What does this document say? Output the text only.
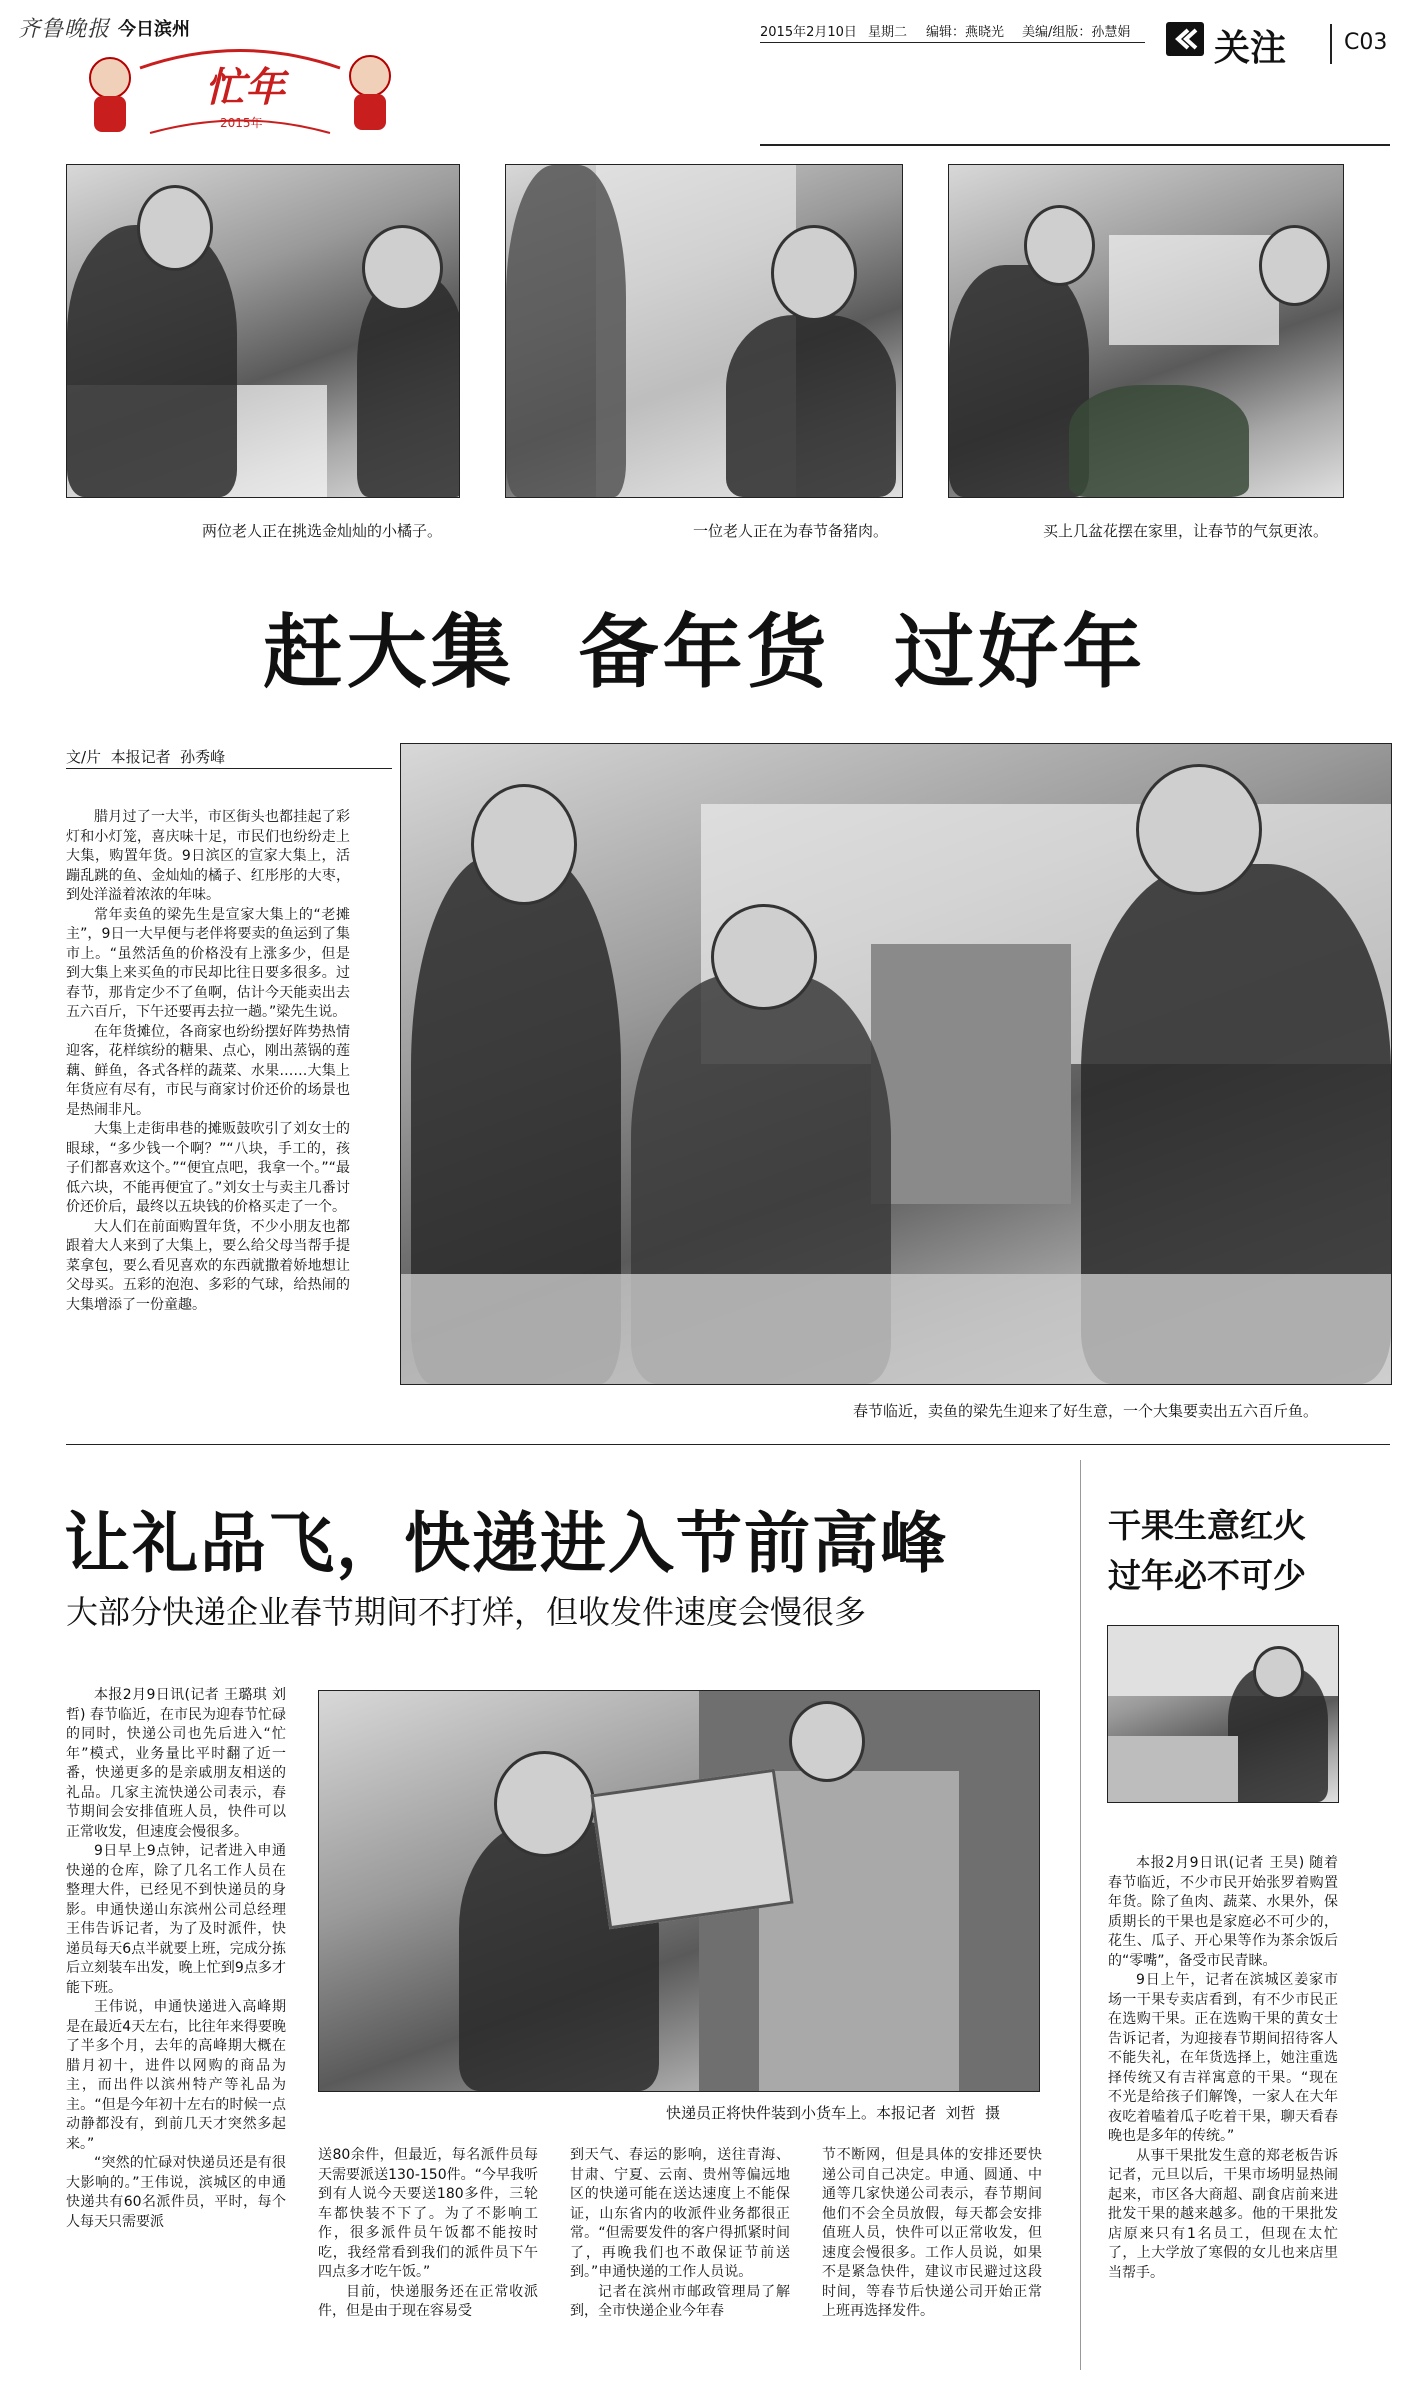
齐鲁晚报 今日滨州
忙年
2015年
2015年2月10日 星期二 编辑：燕晓光 美编/组版：孙慧娟 关注	C03
两位老人正在挑选金灿灿的小橘子。	一位老人正在为春节备猪肉。	买上几盆花摆在家里，让春节的气氛更浓。
赶大集  备年货  过好年
文/片  本报记者  孙秀峰

腊月过了一大半，市区街头也都挂起了彩灯和小灯笼，喜庆味十足，市民们也纷纷走上大集，购置年货。9日滨区的宣家大集上，活蹦乱跳的鱼、金灿灿的橘子、红彤彤的大枣，到处洋溢着浓浓的年味。

常年卖鱼的梁先生是宣家大集上的“老摊主”，9日一大早便与老伴将要卖的鱼运到了集市上。“虽然活鱼的价格没有上涨多少，但是到大集上来买鱼的市民却比往日要多很多。过春节，那肯定少不了鱼啊，估计今天能卖出去五六百斤，下午还要再去拉一趟。”梁先生说。

在年货摊位，各商家也纷纷摆好阵势热情迎客，花样缤纷的糖果、点心，刚出蒸锅的莲藕、鲜鱼，各式各样的蔬菜、水果……大集上年货应有尽有，市民与商家讨价还价的场景也是热闹非凡。

大集上走街串巷的摊贩鼓吹引了刘女士的眼球，“多少钱一个啊？”“八块，手工的，孩子们都喜欢这个。”“便宜点吧，我拿一个。”“最低六块，不能再便宜了。”刘女士与卖主几番讨价还价后，最终以五块钱的价格买走了一个。

大人们在前面购置年货，不少小朋友也都跟着大人来到了大集上，要么给父母当帮手提菜拿包，要么看见喜欢的东西就撒着娇地想让父母买。五彩的泡泡、多彩的气球，给热闹的大集增添了一份童趣。

春节临近，卖鱼的梁先生迎来了好生意，一个大集要卖出五六百斤鱼。
让礼品飞，快递进入节前高峰
大部分快递企业春节期间不打烊，但收发件速度会慢很多

本报2月9日讯(记者 王璐琪 刘哲) 春节临近，在市民为迎春节忙碌的同时，快递公司也先后进入“忙年”模式，业务量比平时翻了近一番，快递更多的是亲戚朋友相送的礼品。几家主流快递公司表示，春节期间会安排值班人员，快件可以正常收发，但速度会慢很多。

9日早上9点钟，记者进入申通快递的仓库，除了几名工作人员在整理大件，已经见不到快递员的身影。申通快递山东滨州公司总经理王伟告诉记者，为了及时派件，快递员每天6点半就要上班，完成分拣后立刻装车出发，晚上忙到9点多才能下班。

王伟说，申通快递进入高峰期是在最近4天左右，比往年来得要晚了半多个月，去年的高峰期大概在腊月初十，进件以网购的商品为主，而出件以滨州特产等礼品为主。“但是今年初十左右的时候一点动静都没有，到前几天才突然多起来。”

“突然的忙碌对快递员还是有很大影响的。”王伟说，滨城区的申通快递共有60名派件员，平时，每个人每天只需要派

快递员正将快件装到小货车上。本报记者  刘哲  摄

送80余件，但最近，每名派件员每天需要派送130-150件。“今早我听到有人说今天要送180多件，三轮车都快装不下了。为了不影响工作，很多派件员午饭都不能按时吃，我经常看到我们的派件员下午四点多才吃午饭。”

目前，快递服务还在正常收派件，但是由于现在容易受

到天气、春运的影响，送往青海、甘肃、宁夏、云南、贵州等偏远地区的快递可能在送达速度上不能保证，山东省内的收派件业务都很正常。“但需要发件的客户得抓紧时间了，再晚我们也不敢保证节前送到。”申通快递的工作人员说。

记者在滨州市邮政管理局了解到，全市快递企业今年春

节不断网，但是具体的安排还要快递公司自己决定。申通、圆通、中通等几家快递公司表示，春节期间他们不会全员放假，每天都会安排值班人员，快件可以正常收发，但速度会慢很多。工作人员说，如果不是紧急快件，建议市民避过这段时间，等春节后快递公司开始正常上班再选择发件。

干果生意红火
过年必不可少

本报2月9日讯(记者 王昊) 随着春节临近，不少市民开始张罗着购置年货。除了鱼肉、蔬菜、水果外，保质期长的干果也是家庭必不可少的，花生、瓜子、开心果等作为茶余饭后的“零嘴”，备受市民青睐。

9日上午，记者在滨城区姜家市场一干果专卖店看到，有不少市民正在选购干果。正在选购干果的黄女士告诉记者，为迎接春节期间招待客人不能失礼，在年货选择上，她注重选择传统又有吉祥寓意的干果。“现在不光是给孩子们解馋，一家人在大年夜吃着嗑着瓜子吃着干果，聊天看春晚也是多年的传统。”

从事干果批发生意的郑老板告诉记者，元旦以后，干果市场明显热闹起来，市区各大商超、副食店前来进批发干果的越来越多。他的干果批发店原来只有1名员工，但现在太忙了，上大学放了寒假的女儿也来店里当帮手。
